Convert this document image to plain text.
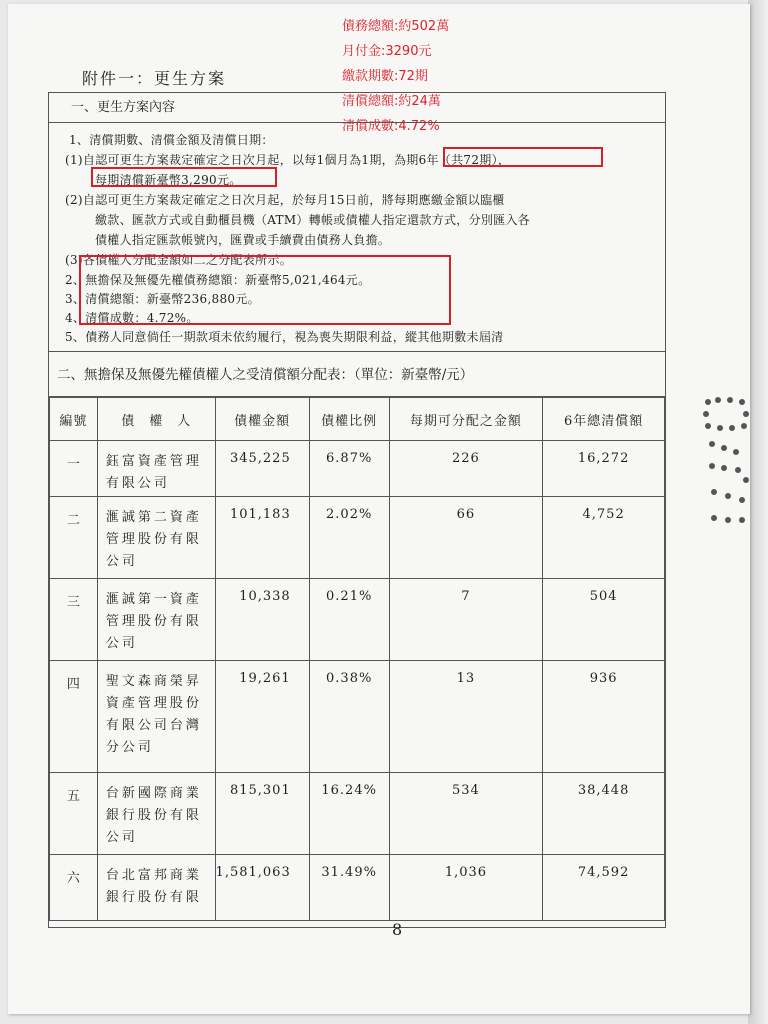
債務總額:約502萬
月付金:3290元
繳款期數:72期
清償總額:約24萬
清償成數:4.72%
附件一：更生方案
一、更生方案內容
1、清償期數、清償金額及清償日期：
(1)自認可更生方案裁定確定之日次月起，以每1個月為1期，為期6年（共72期），
每期清償新臺幣3,290元。
(2)自認可更生方案裁定確定之日次月起，於每月15日前，將每期應繳金額以臨櫃
繳款、匯款方式或自動櫃員機（ATM）轉帳或債權人指定還款方式，分別匯入各
債權人指定匯款帳號內，匯費或手續費由債務人負擔。
(3)各債權人分配金額如二之分配表所示。
2、無擔保及無優先權債務總額：新臺幣5,021,464元。
3、清償總額：新臺幣236,880元。
4、清償成數：4.72%。
5、債務人同意倘任一期款項未依約履行，視為喪失期限利益，縱其他期數未屆清
二、無擔保及無優先權債權人之受清償額分配表：（單位：新臺幣/元）
編號	債　權　人	債權金額	債權比例	每期可分配之金額	6年總清償額
一	鈺富資產管理有限公司	345,225	6.87%	226	16,272
二	滙誠第二資產管理股份有限公司	101,183	2.02%	66	4,752
三	滙誠第一資產管理股份有限公司	10,338	0.21%	7	504
四	聖文森商榮昇資產管理股份有限公司台灣分公司	19,261	0.38%	13	936
五	台新國際商業銀行股份有限公司	815,301	16.24%	534	38,448
六	台北富邦商業銀行股份有限	1,581,063	31.49%	1,036	74,592
8
